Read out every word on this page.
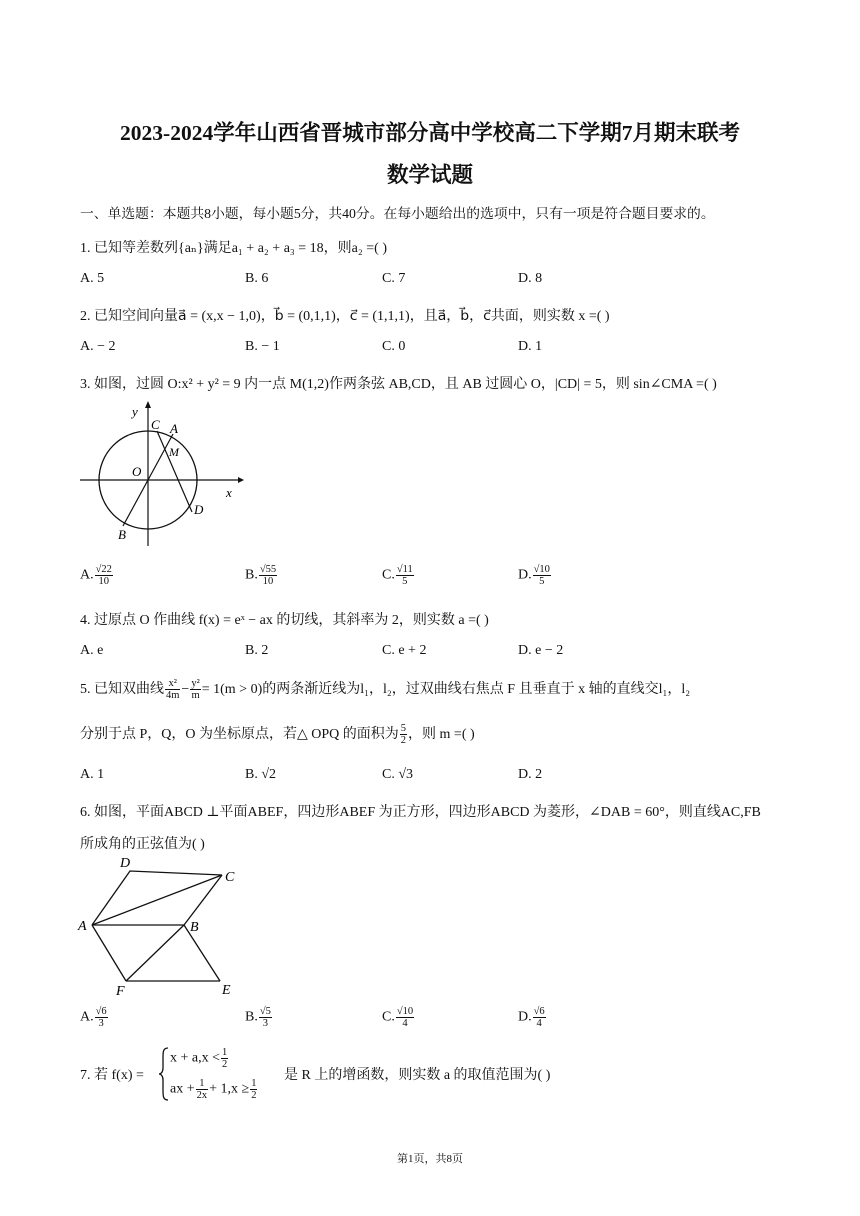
2023-2024学年山西省晋城市部分高中学校高二下学期7月期末联考
数学试题
一、单选题：本题共8小题，每小题5分，共40分。在每小题给出的选项中，只有一项是符合题目要求的。
1. 已知等差数列{aₙ}满足a₁ + a₂ + a₃ = 18，则a₂ =( )
A. 5	B. 6	C. 7	D. 8
2. 已知空间向量a⃗ = (x,x − 1,0)，b⃗ = (0,1,1)，c⃗ = (1,1,1)，且a⃗，b⃗，c⃗共面，则实数 x =( )
A. − 2	B. − 1	C. 0	D. 1
3. 如图，过圆 O:x² + y² = 9 内一点 M(1,2)作两条弦 AB,CD，且 AB 过圆心 O，|CD| = 5，则 sin∠CMA =( )
y
x
C A
M
O
D
B
A. $\frac{√22}{10}$	B. $\frac{√55}{10}$	C. $\frac{√11}{5}$	D. $\frac{√10}{5}$
4. 过原点 O 作曲线 f(x) = eˣ − ax 的切线，其斜率为 2，则实数 a =( )
A. e	B. 2	C. e + 2	D. e − 2
5. 已知双曲线 $\frac{\text{x²}}{4m} - \frac{\text{y²}}{m} = 1(m > 0)$的两条渐近线为l₁，l₂，过双曲线右焦点 F 且垂直于 x 轴的直线交l₁，l₂
分别于点 P，Q，O 为坐标原点，若△ OPQ 的面积为 $\frac{5}{2}$ ，则 m =( )
A. 1	B. √2	C. √3	D. 2
6. 如图，平面ABCD ⊥平面ABEF，四边形ABEF 为正方形，四边形ABCD 为菱形，∠DAB = 60°，则直线AC,FB
所成角的正弦值为( )
D
C
A	B
F	E
A. $\frac{√6}{3}$	B. $\frac{√5}{3}$	C. $\frac{√10}{4}$	D. $\frac{√6}{4}$
7. 若 f(x) =
$x + a,x < \frac{1}{2}$
ax + $\frac{1}{2x} + 1,x \ge \frac{1}{2}$
是 R 上的增函数，则实数 a 的取值范围为( )
第1页，共8页
